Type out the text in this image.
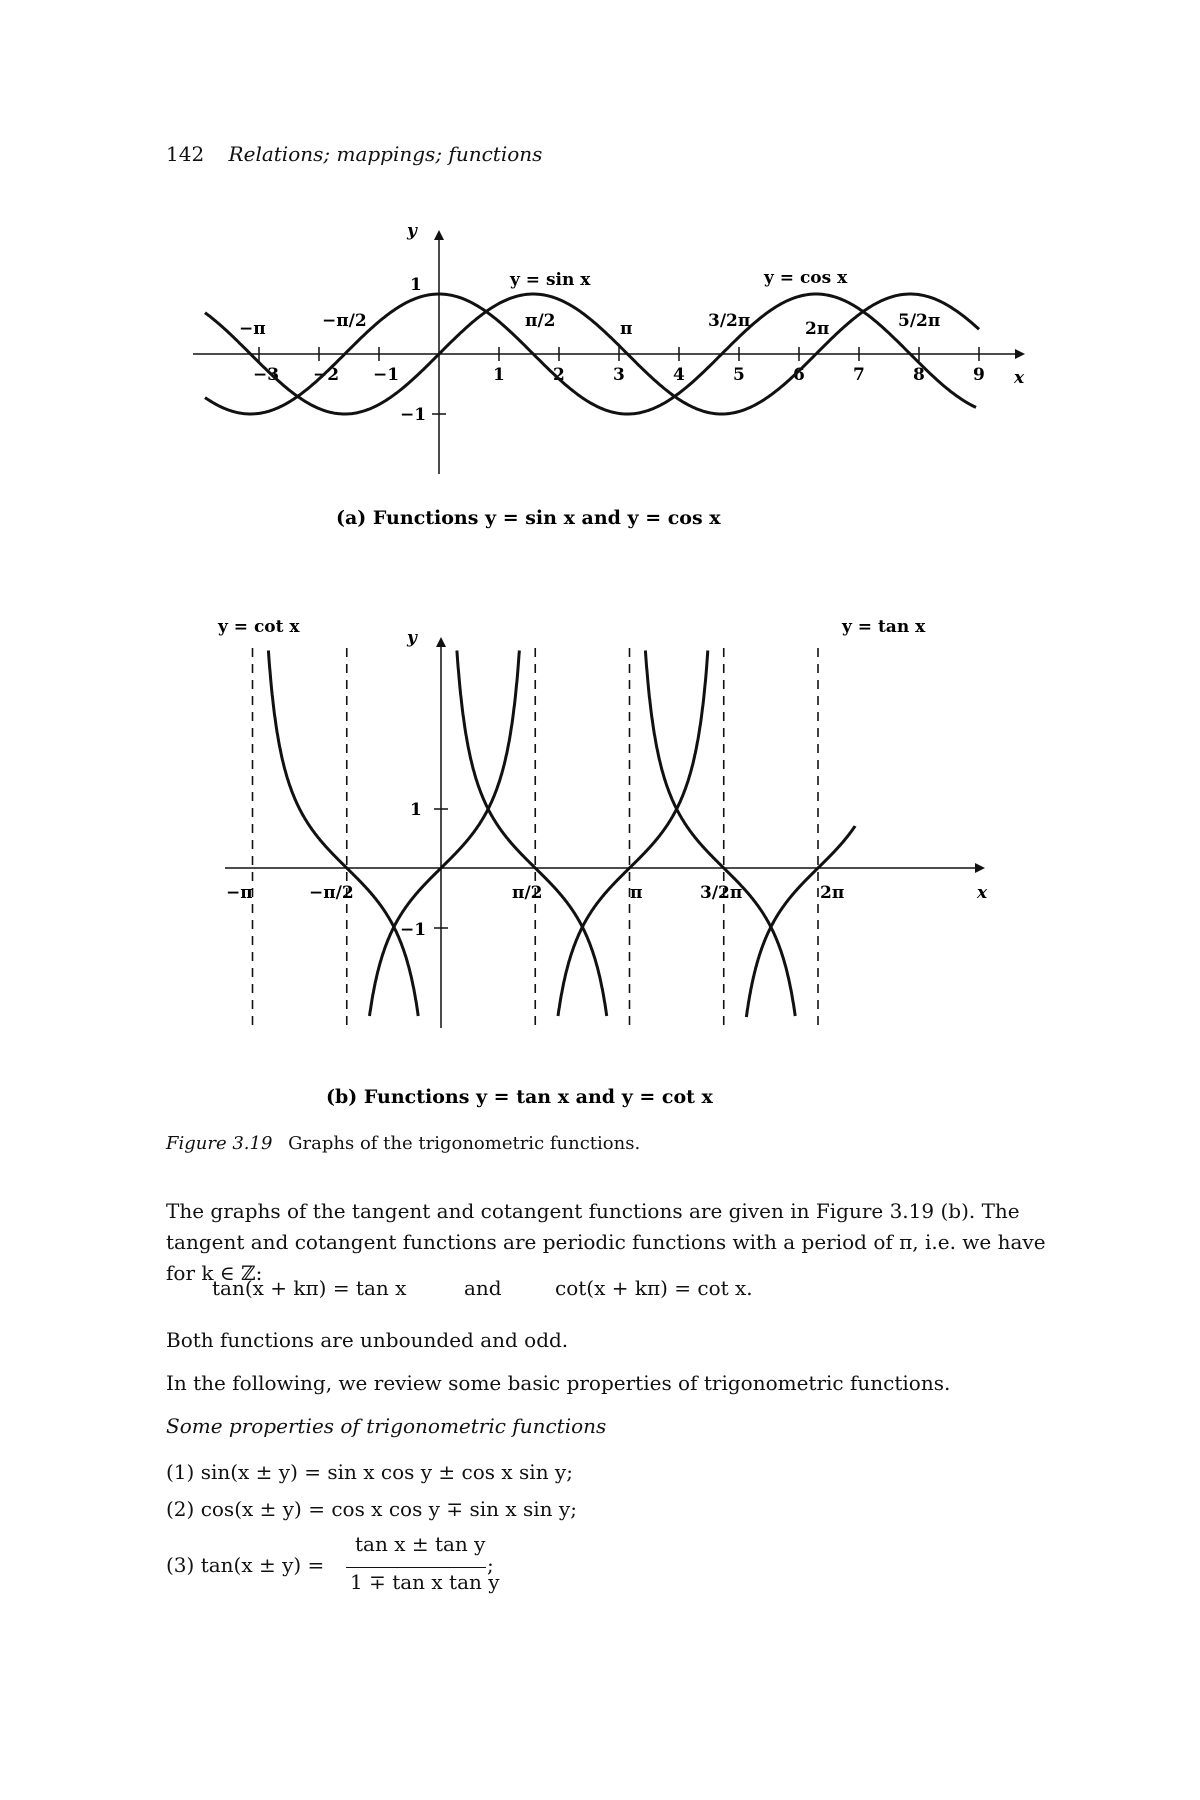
142 Relations; mappings; functions
−3 −2 −1	1	2	3	4	5	6	7	8	9
1
−1
y
x
−π	−π/2	π/2	π	3/2π	2π	5/2π
y = sin x	y = cos x
(a) Functions y = sin x and y = cos x
y
x
1
−1
−π	−π/2	π/2	π	3/2π	2π
y = cot x	y = tan x
(b) Functions y = tan x and y = cot x
Figure 3.19 Graphs of the trigonometric functions.
The graphs of the tangent and cotangent functions are given in Figure 3.19 (b). The tangent and cotangent functions are periodic functions with a period of π, i.e. we have for k ∈ ℤ:
tan(x + kπ) = tan x	and	cot(x + kπ) = cot x.
Both functions are unbounded and odd.
In the following, we review some basic properties of trigonometric functions.
Some properties of trigonometric functions
(1) sin(x ± y) = sin x cos y ± cos x sin y;
(2) cos(x ± y) = cos x cos y ∓ sin x sin y;
(3) tan(x ± y) =
tan x ± tan y
1 ∓ tan x tan y
;
